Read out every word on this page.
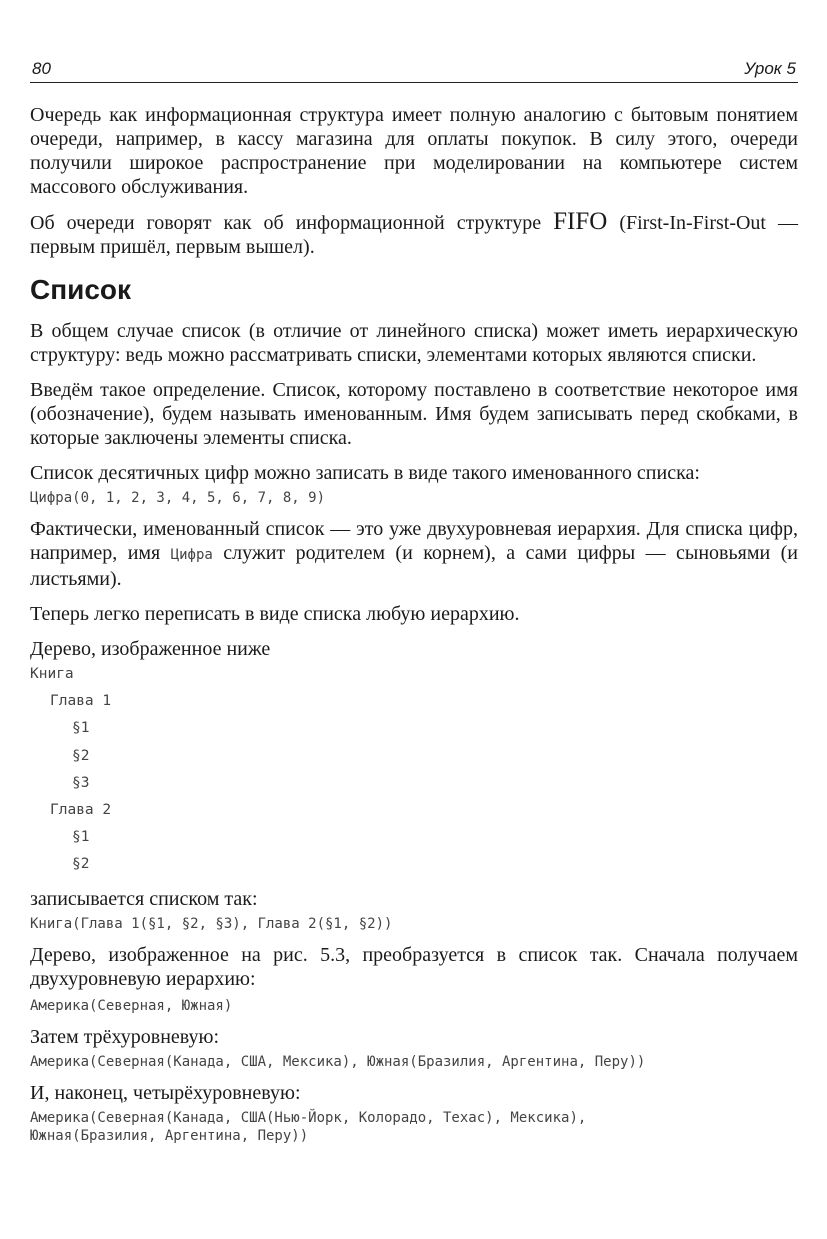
80	Урок 5

Очередь как информационная структура имеет полную аналогию с бытовым понятием очереди, например, в кассу магазина для оплаты покупок. В силу этого, очереди получили широкое распространение при моделировании на компьютере систем массового обслуживания.

Об очереди говорят как об информационной структуре FIFO (First-In-First-Out — первым пришёл, первым вышел).

Список

В общем случае список (в отличие от линейного списка) может иметь иерархическую структуру: ведь можно рассматривать списки, элементами которых являются списки.

Введём такое определение. Список, которому поставлено в соответствие некоторое имя (обозначение), будем называть именованным. Имя будем записывать перед скобками, в которые заключены элементы списка.

Список десятичных цифр можно записать в виде такого именованного списка:

Цифра(0, 1, 2, 3, 4, 5, 6, 7, 8, 9)

Фактически, именованный список — это уже двухуровневая иерархия. Для списка цифр, например, имя Цифра служит родителем (и корнем), а сами цифры — сыновьями (и листьями).

Теперь легко переписать в виде списка любую иерархию.

Дерево, изображенное ниже

Книга
Глава 1
§1
§2
§3
Глава 2
§1
§2

записывается списком так:

Книга(Глава 1(§1, §2, §3), Глава 2(§1, §2))

Дерево, изображенное на рис. 5.3, преобразуется в список так. Сначала получаем двухуровневую иерархию:

Америка(Северная, Южная)

Затем трёхуровневую:

Америка(Северная(Канада, США, Мексика), Южная(Бразилия, Аргентина, Перу))

И, наконец, четырёхуровневую:

Америка(Северная(Канада, США(Нью-Йорк, Колорадо, Техас), Мексика),
Южная(Бразилия, Аргентина, Перу))
